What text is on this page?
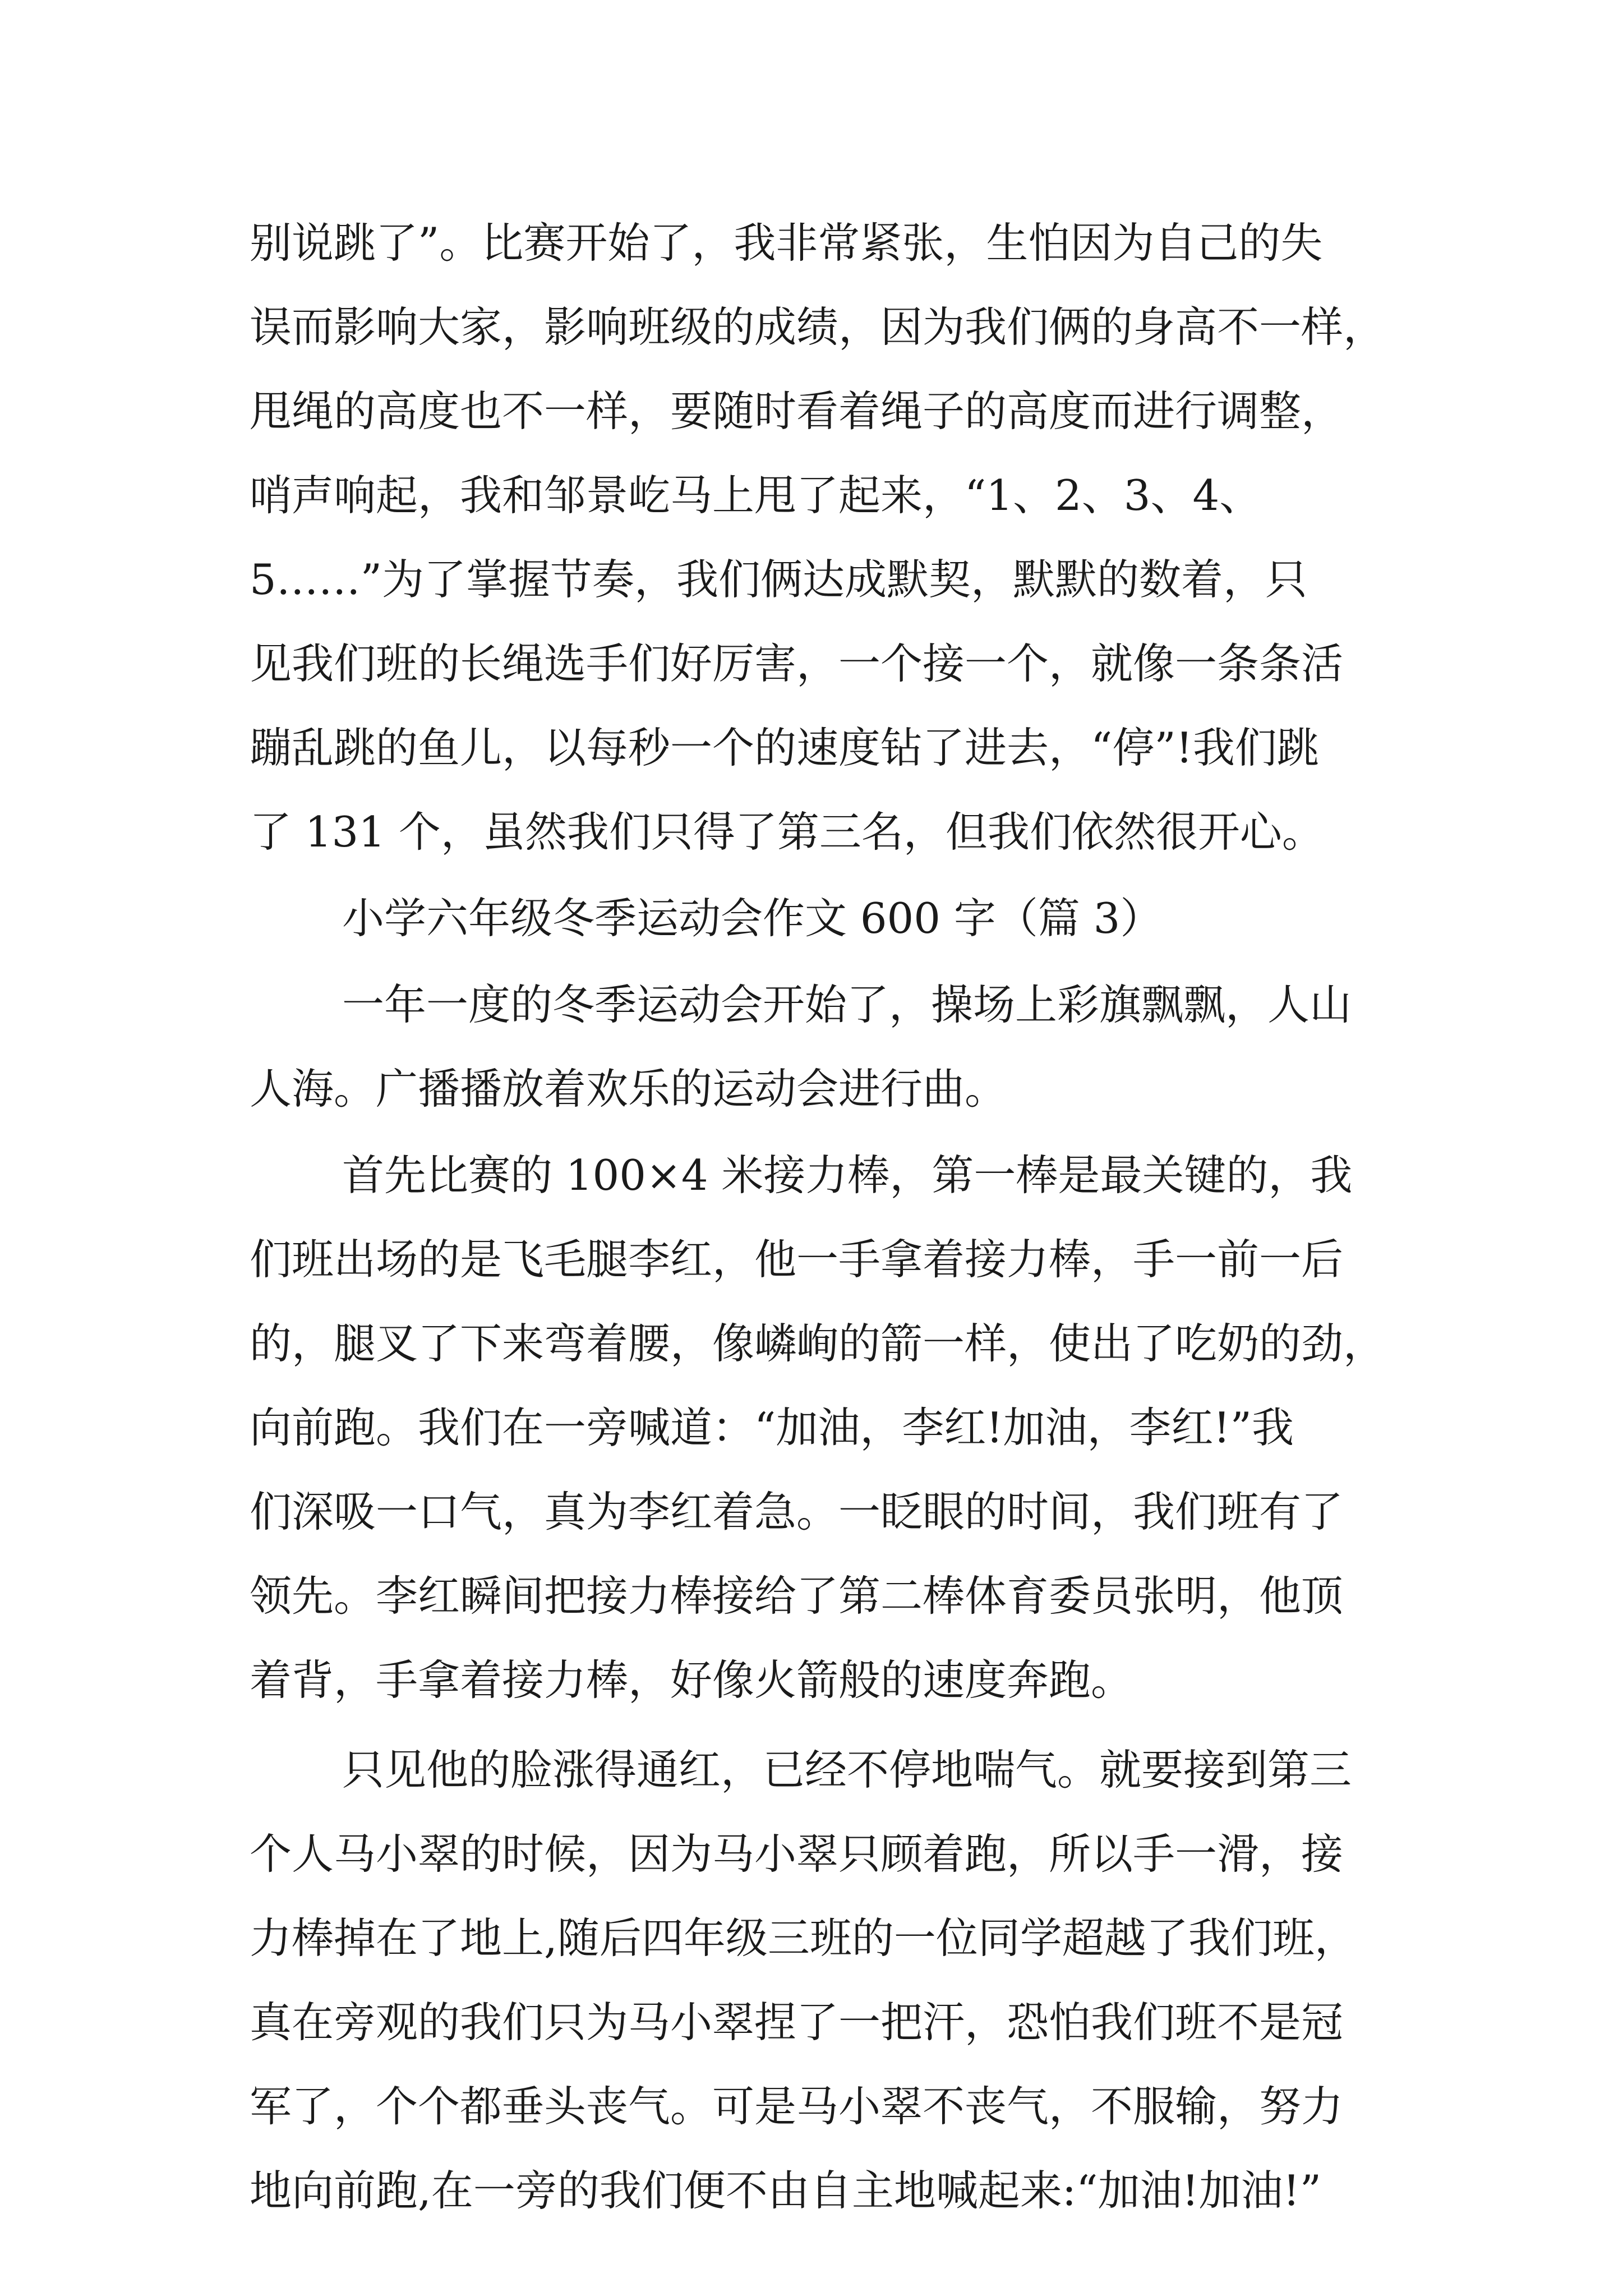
别说跳了”。比赛开始了，我非常紧张，生怕因为自己的失
误而影响大家，影响班级的成绩，因为我们俩的身高不一样，
甩绳的高度也不一样，要随时看着绳子的高度而进行调整，
哨声响起，我和邹景屹马上甩了起来，“1、2、3、4、
5……”为了掌握节奏，我们俩达成默契，默默的数着，只
见我们班的长绳选手们好厉害，一个接一个，就像一条条活
蹦乱跳的鱼儿，以每秒一个的速度钻了进去，“停”!我们跳
了 131 个，虽然我们只得了第三名，但我们依然很开心。
小学六年级冬季运动会作文 600 字（篇 3）
一年一度的冬季运动会开始了，操场上彩旗飘飘，人山
人海。广播播放着欢乐的运动会进行曲。
首先比赛的 100×4 米接力棒，第一棒是最关键的，我
们班出场的是飞毛腿李红，他一手拿着接力棒，手一前一后
的，腿叉了下来弯着腰，像嶙峋的箭一样，使出了吃奶的劲，
向前跑。我们在一旁喊道：“加油，李红!加油，李红!”我
们深吸一口气，真为李红着急。一眨眼的时间，我们班有了
领先。李红瞬间把接力棒接给了第二棒体育委员张明，他顶
着背，手拿着接力棒，好像火箭般的速度奔跑。
只见他的脸涨得通红，已经不停地喘气。就要接到第三
个人马小翠的时候，因为马小翠只顾着跑，所以手一滑，接
力棒掉在了地上,随后四年级三班的一位同学超越了我们班，
真在旁观的我们只为马小翠捏了一把汗，恐怕我们班不是冠
军了，个个都垂头丧气。可是马小翠不丧气，不服输，努力
地向前跑,在一旁的我们便不由自主地喊起来:“加油!加油!”
